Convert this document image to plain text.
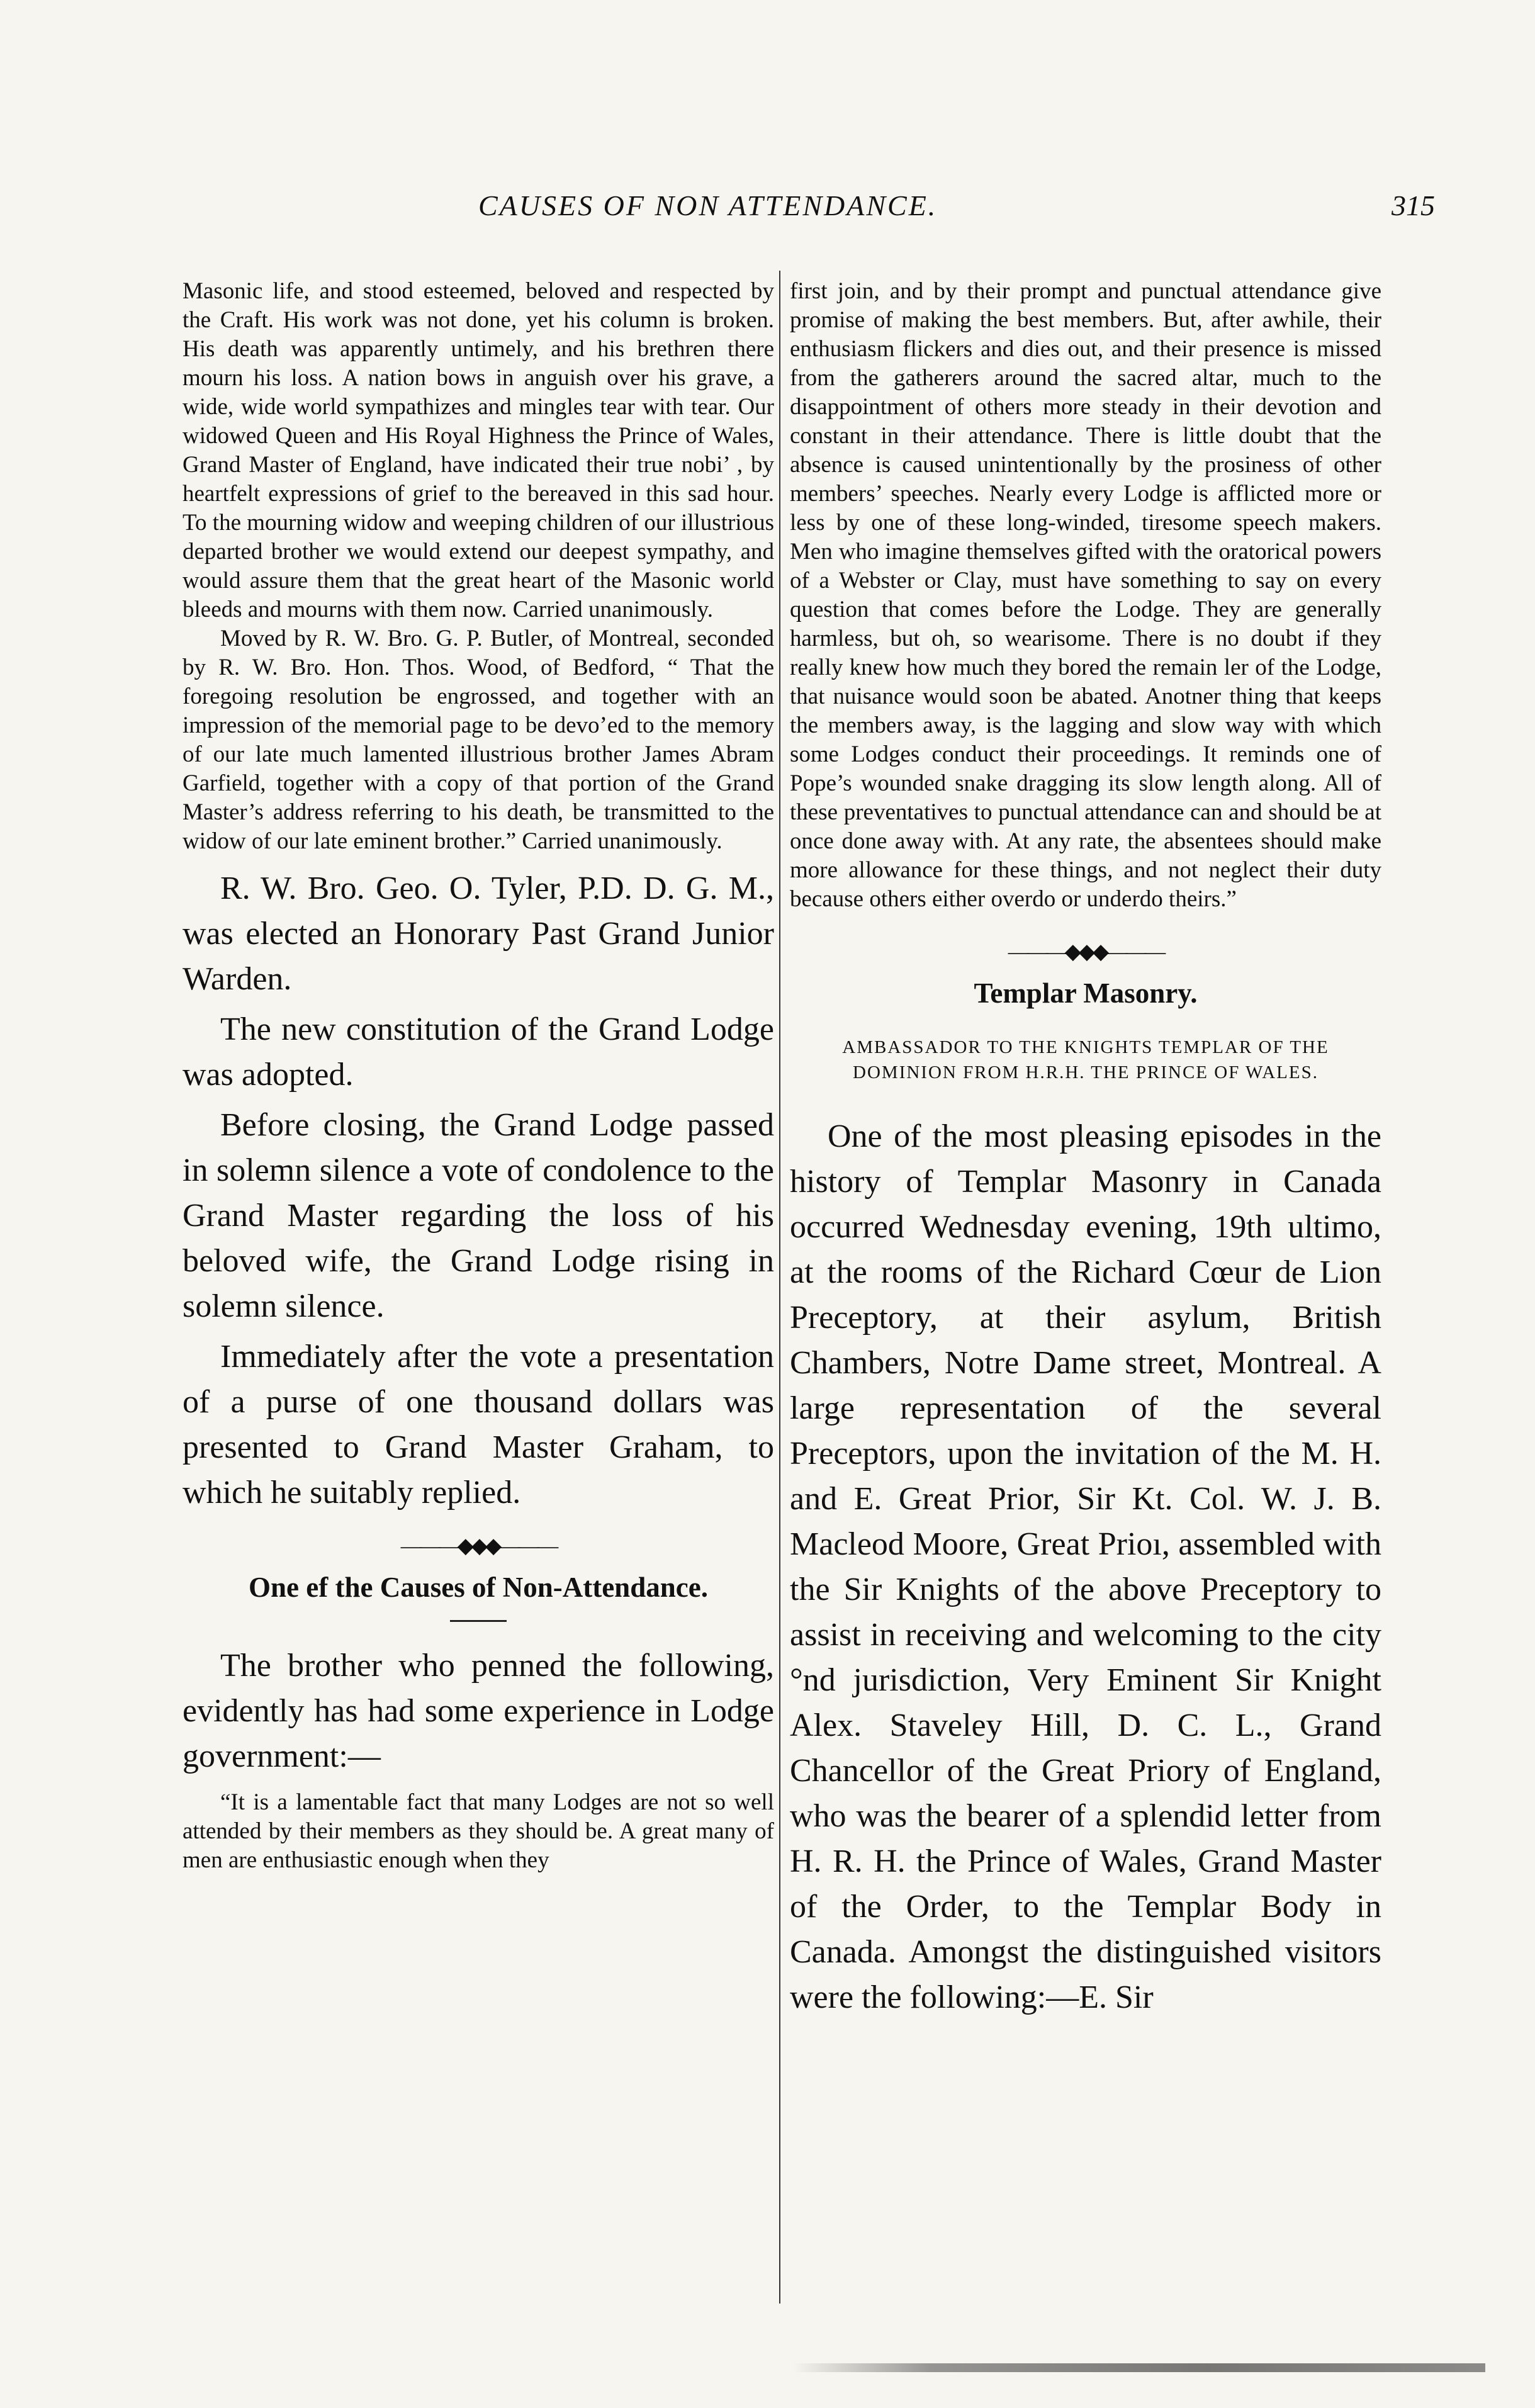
CAUSES OF NON ATTENDANCE.	315

Masonic life, and stood esteemed, beloved and respected by the Craft. His work was not done, yet his column is broken. His death was apparently untimely, and his brethren there mourn his loss. A nation bows in anguish over his grave, a wide, wide world sympathizes and mingles tear with tear. Our widowed Queen and His Royal Highness the Prince of Wales, Grand Master of England, have indicated their true nobi’ , by heartfelt expressions of grief to the bereaved in this sad hour. To the mourning widow and weeping children of our illustrious departed brother we would extend our deepest sympathy, and would assure them that the great heart of the Masonic world bleeds and mourns with them now. Carried unanimously.

Moved by R. W. Bro. G. P. Butler, of Montreal, seconded by R. W. Bro. Hon. Thos. Wood, of Bedford, “ That the foregoing resolution be engrossed, and together with an impression of the memorial page to be devo’ed to the memory of our late much lamented illustrious brother James Abram Garfield, together with a copy of that portion of the Grand Master’s address referring to his death, be transmitted to the widow of our late eminent brother.” Carried unanimously.

R. W. Bro. Geo. O. Tyler, P.D. D. G. M., was elected an Honorary Past Grand Junior Warden.

The new constitution of the Grand Lodge was adopted.

Before closing, the Grand Lodge passed in solemn silence a vote of condolence to the Grand Master regarding the loss of his beloved wife, the Grand Lodge rising in solemn silence.

Immediately after the vote a presentation of a purse of one thousand dollars was presented to Grand Master Graham, to which he suitably replied.

———◆◆◆———
One ef the Causes of Non-Attendance.

The brother who penned the following, evidently has had some experience in Lodge government:—

“It is a lamentable fact that many Lodges are not so well attended by their members as they should be. A great many of men are enthusiastic enough when they

first join, and by their prompt and punctual attendance give promise of making the best members. But, after awhile, their enthusiasm flickers and dies out, and their presence is missed from the gatherers around the sacred altar, much to the disappointment of others more steady in their devotion and constant in their attendance. There is little doubt that the absence is caused unintentionally by the prosiness of other members’ speeches. Nearly every Lodge is afflicted more or less by one of these long-winded, tiresome speech makers. Men who imagine themselves gifted with the oratorical powers of a Webster or Clay, must have something to say on every question that comes before the Lodge. They are generally harmless, but oh, so wearisome. There is no doubt if they really knew how much they bored the remain ler of the Lodge, that nuisance would soon be abated. Anotner thing that keeps the members away, is the lagging and slow way with which some Lodges conduct their proceedings. It reminds one of Pope’s wounded snake dragging its slow length along. All of these preventatives to punctual attendance can and should be at once done away with. At any rate, the absentees should make more allowance for these things, and not neglect their duty because others either overdo or underdo theirs.”

———◆◆◆———
Templar Masonry.
AMBASSADOR TO THE KNIGHTS TEMPLAR OF THE DOMINION FROM H.R.H. THE PRINCE OF WALES.

One of the most pleasing episodes in the history of Templar Masonry in Canada occurred Wednesday evening, 19th ultimo, at the rooms of the Richard Cœur de Lion Preceptory, at their asylum, British Chambers, Notre Dame street, Montreal. A large representation of the several Preceptors, upon the invitation of the M. H. and E. Great Prior, Sir Kt. Col. W. J. B. Macleod Moore, Great Prioı, assembled with the Sir Knights of the above Preceptory to assist in receiving and welcoming to the city °nd jurisdiction, Very Eminent Sir Knight Alex. Staveley Hill, D. C. L., Grand Chancellor of the Great Priory of England, who was the bearer of a splendid letter from H. R. H. the Prince of Wales, Grand Master of the Order, to the Templar Body in Canada. Amongst the distinguished visitors were the following:—E. Sir
